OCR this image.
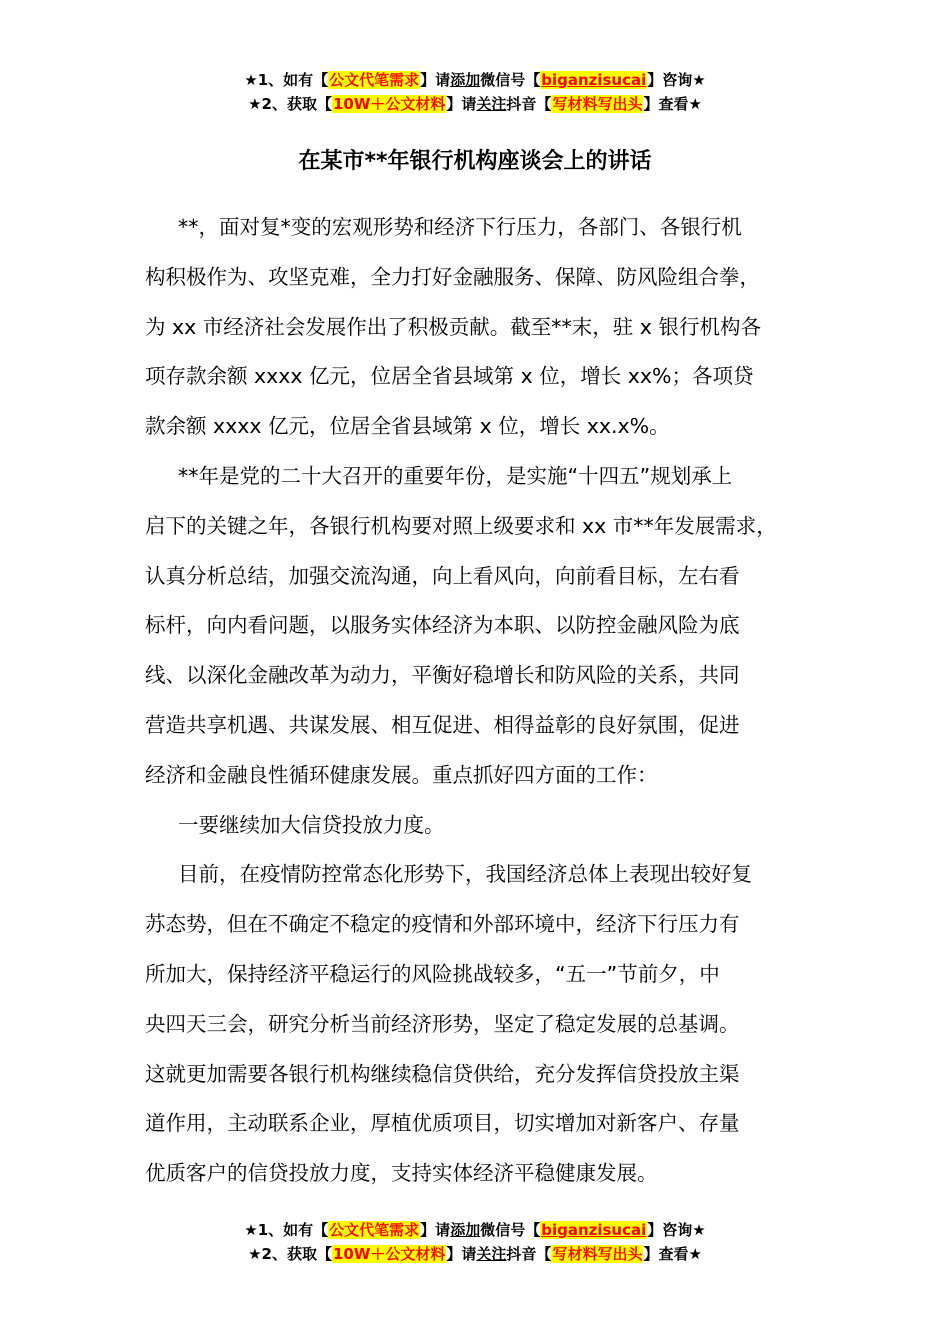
★1、如有【公文代笔需求】请添加微信号【biganzisucai】咨询★
★2、获取【10W＋公文材料】请关注抖音【写材料写出头】查看★
在某市**年银行机构座谈会上的讲话
**，面对复*变的宏观形势和经济下行压力，各部门、各银行机
构积极作为、攻坚克难，全力打好金融服务、保障、防风险组合拳，
为 xx 市经济社会发展作出了积极贡献。截至**末，驻 x 银行机构各
项存款余额 xxxx 亿元，位居全省县域第 x 位，增长 xx%；各项贷
款余额 xxxx 亿元，位居全省县域第 x 位，增长 xx.x%。
**年是党的二十大召开的重要年份，是实施“十四五”规划承上
启下的关键之年，各银行机构要对照上级要求和 xx 市**年发展需求，
认真分析总结，加强交流沟通，向上看风向，向前看目标，左右看
标杆，向内看问题，以服务实体经济为本职、以防控金融风险为底
线、以深化金融改革为动力，平衡好稳增长和防风险的关系，共同
营造共享机遇、共谋发展、相互促进、相得益彰的良好氛围，促进
经济和金融良性循环健康发展。重点抓好四方面的工作：
一要继续加大信贷投放力度。
目前，在疫情防控常态化形势下，我国经济总体上表现出较好复
苏态势，但在不确定不稳定的疫情和外部环境中，经济下行压力有
所加大，保持经济平稳运行的风险挑战较多，“五一”节前夕，中
央四天三会，研究分析当前经济形势，坚定了稳定发展的总基调。
这就更加需要各银行机构继续稳信贷供给，充分发挥信贷投放主渠
道作用，主动联系企业，厚植优质项目，切实增加对新客户、存量
优质客户的信贷投放力度，支持实体经济平稳健康发展。
★1、如有【公文代笔需求】请添加微信号【biganzisucai】咨询★
★2、获取【10W＋公文材料】请关注抖音【写材料写出头】查看★
